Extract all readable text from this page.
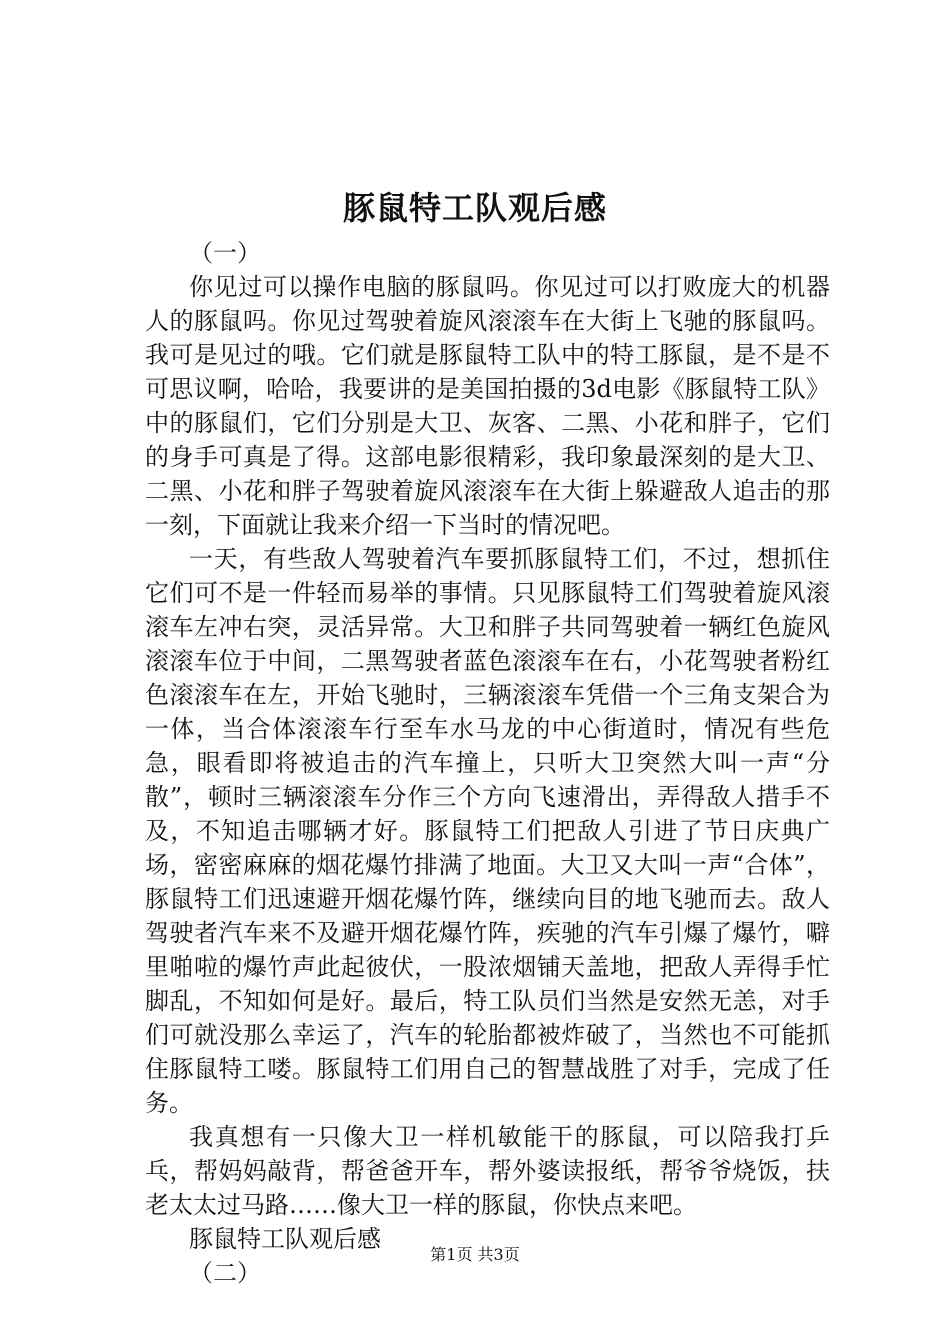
豚鼠特工队观后感

（一）

你见过可以操作电脑的豚鼠吗。你见过可以打败庞大的机器人的豚鼠吗。你见过驾驶着旋风滚滚车在大街上飞驰的豚鼠吗。我可是见过的哦。它们就是豚鼠特工队中的特工豚鼠，是不是不可思议啊，哈哈，我要讲的是美国拍摄的3d电影《豚鼠特工队》中的豚鼠们，它们分别是大卫、灰客、二黑、小花和胖子，它们的身手可真是了得。这部电影很精彩，我印象最深刻的是大卫、二黑、小花和胖子驾驶着旋风滚滚车在大街上躲避敌人追击的那一刻，下面就让我来介绍一下当时的情况吧。

一天，有些敌人驾驶着汽车要抓豚鼠特工们，不过，想抓住它们可不是一件轻而易举的事情。只见豚鼠特工们驾驶着旋风滚滚车左冲右突，灵活异常。大卫和胖子共同驾驶着一辆红色旋风滚滚车位于中间，二黑驾驶者蓝色滚滚车在右，小花驾驶者粉红色滚滚车在左，开始飞驰时，三辆滚滚车凭借一个三角支架合为一体，当合体滚滚车行至车水马龙的中心街道时，情况有些危急，眼看即将被追击的汽车撞上，只听大卫突然大叫一声“分散”，顿时三辆滚滚车分作三个方向飞速滑出，弄得敌人措手不及，不知追击哪辆才好。豚鼠特工们把敌人引进了节日庆典广场，密密麻麻的烟花爆竹排满了地面。大卫又大叫一声“合体”，豚鼠特工们迅速避开烟花爆竹阵，继续向目的地飞驰而去。敌人驾驶者汽车来不及避开烟花爆竹阵，疾驰的汽车引爆了爆竹，噼里啪啦的爆竹声此起彼伏，一股浓烟铺天盖地，把敌人弄得手忙脚乱，不知如何是好。最后，特工队员们当然是安然无恙，对手们可就没那么幸运了，汽车的轮胎都被炸破了，当然也不可能抓住豚鼠特工喽。豚鼠特工们用自己的智慧战胜了对手，完成了任务。

我真想有一只像大卫一样机敏能干的豚鼠，可以陪我打乒乓，帮妈妈敲背，帮爸爸开车，帮外婆读报纸，帮爷爷烧饭，扶老太太过马路……像大卫一样的豚鼠，你快点来吧。

豚鼠特工队观后感

（二）

第1页 共3页
